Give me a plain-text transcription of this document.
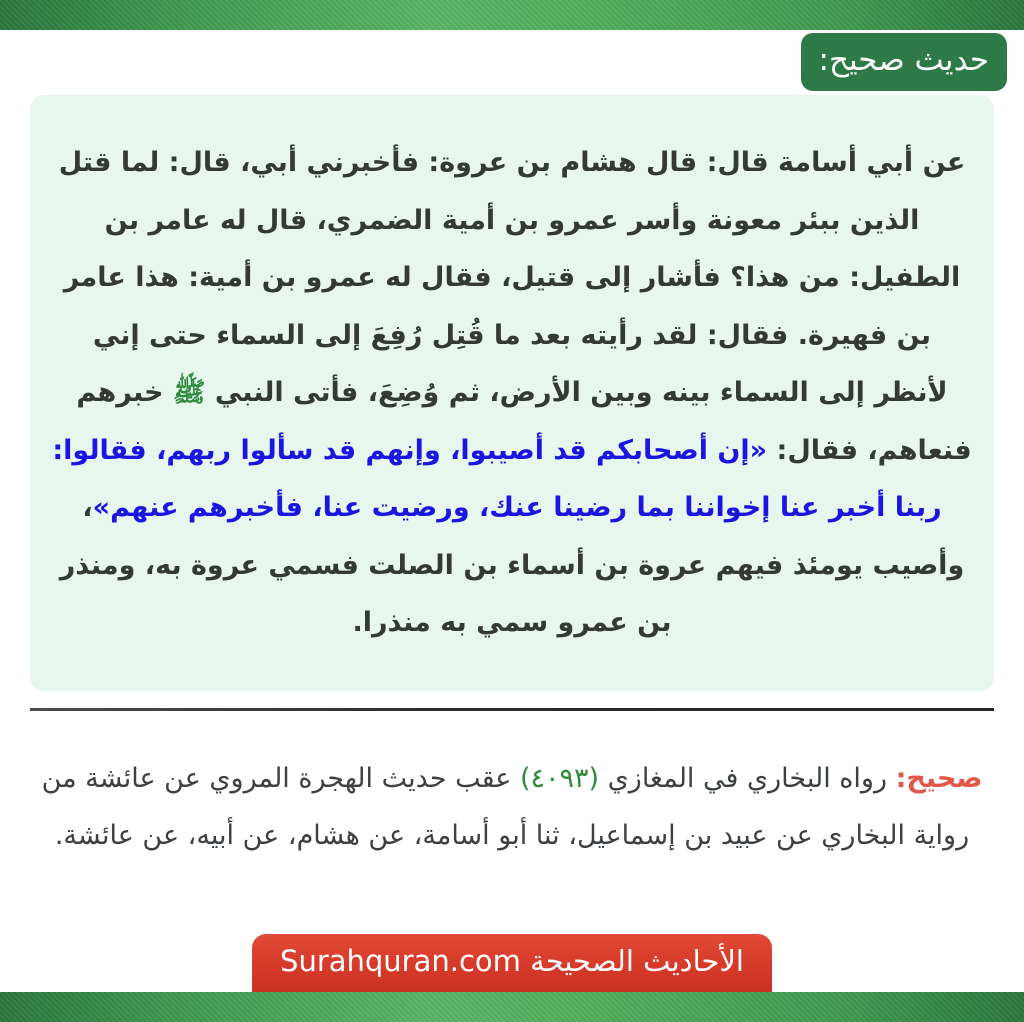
حديث صحيح:

عن أبي أسامة قال: قال هشام بن عروة: فأخبرني أبي، قال: لما قتل الذين ببئر معونة وأسر عمرو بن أمية الضمري، قال له عامر بن الطفيل: من هذا؟ فأشار إلى قتيل، فقال له عمرو بن أمية: هذا عامر بن فهيرة. فقال: لقد رأيته بعد ما قُتِل رُفِعَ إلى السماء حتى إني لأنظر إلى السماء بينه وبين الأرض، ثم وُضِعَ، فأتى النبي ﷺ خبرهم فنعاهم، فقال: «إن أصحابكم قد أصيبوا، وإنهم قد سألوا ربهم، فقالوا: ربنا أخبر عنا إخواننا بما رضينا عنك، ورضيت عنا، فأخبرهم عنهم»، وأصيب يومئذ فيهم عروة بن أسماء بن الصلت فسمي عروة به، ومنذر بن عمرو سمي به منذرا.

صحيح: رواه البخاري في المغازي (٤٠٩٣) عقب حديث الهجرة المروي عن عائشة من رواية البخاري عن عبيد بن إسماعيل، ثنا أبو أسامة، عن هشام، عن أبيه، عن عائشة.

الأحاديث الصحيحة Surahquran.com
